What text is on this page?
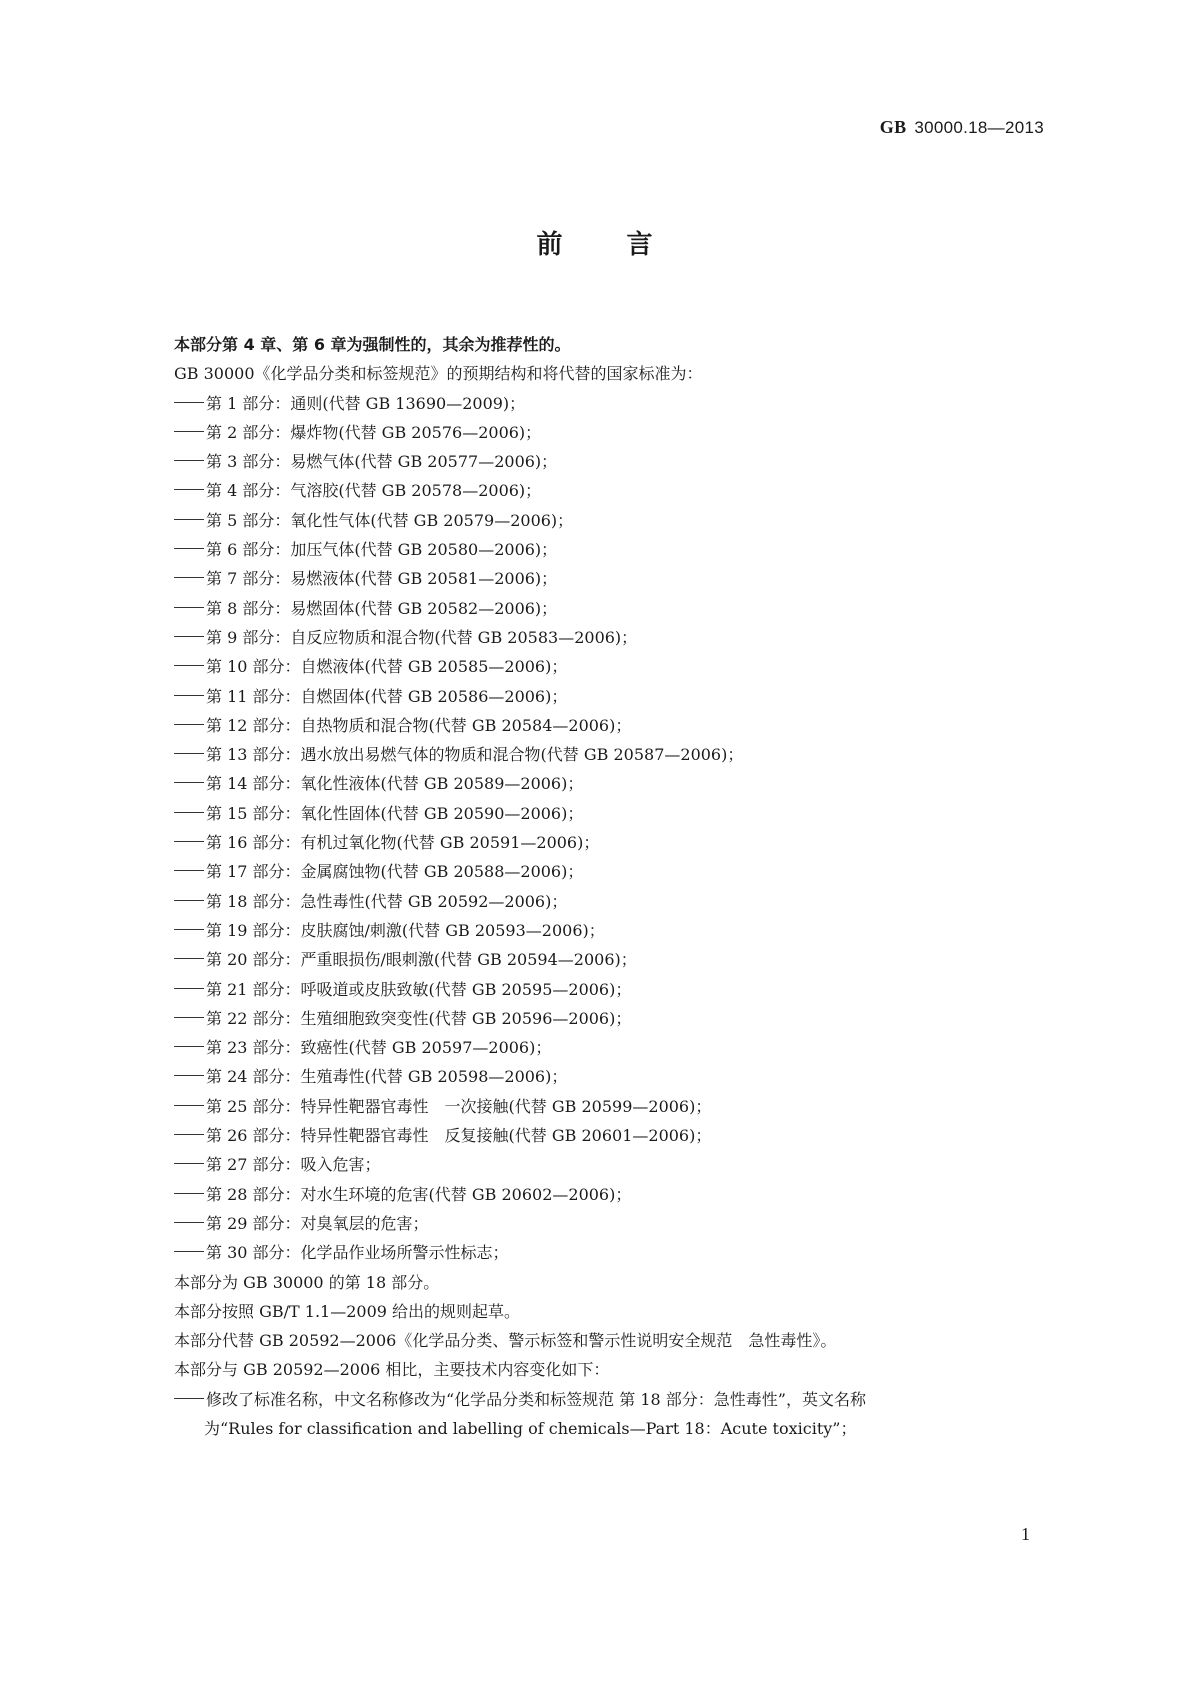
GB 30000.18—2013
前 言
本部分第 4 章、第 6 章为强制性的，其余为推荐性的。
GB 30000《化学品分类和标签规范》的预期结构和将代替的国家标准为：
第 1 部分：通则(代替 GB 13690—2009)；
第 2 部分：爆炸物(代替 GB 20576—2006)；
第 3 部分：易燃气体(代替 GB 20577—2006)；
第 4 部分：气溶胶(代替 GB 20578—2006)；
第 5 部分：氧化性气体(代替 GB 20579—2006)；
第 6 部分：加压气体(代替 GB 20580—2006)；
第 7 部分：易燃液体(代替 GB 20581—2006)；
第 8 部分：易燃固体(代替 GB 20582—2006)；
第 9 部分：自反应物质和混合物(代替 GB 20583—2006)；
第 10 部分：自燃液体(代替 GB 20585—2006)；
第 11 部分：自燃固体(代替 GB 20586—2006)；
第 12 部分：自热物质和混合物(代替 GB 20584—2006)；
第 13 部分：遇水放出易燃气体的物质和混合物(代替 GB 20587—2006)；
第 14 部分：氧化性液体(代替 GB 20589—2006)；
第 15 部分：氧化性固体(代替 GB 20590—2006)；
第 16 部分：有机过氧化物(代替 GB 20591—2006)；
第 17 部分：金属腐蚀物(代替 GB 20588—2006)；
第 18 部分：急性毒性(代替 GB 20592—2006)；
第 19 部分：皮肤腐蚀/刺激(代替 GB 20593—2006)；
第 20 部分：严重眼损伤/眼刺激(代替 GB 20594—2006)；
第 21 部分：呼吸道或皮肤致敏(代替 GB 20595—2006)；
第 22 部分：生殖细胞致突变性(代替 GB 20596—2006)；
第 23 部分：致癌性(代替 GB 20597—2006)；
第 24 部分：生殖毒性(代替 GB 20598—2006)；
第 25 部分：特异性靶器官毒性　一次接触(代替 GB 20599—2006)；
第 26 部分：特异性靶器官毒性　反复接触(代替 GB 20601—2006)；
第 27 部分：吸入危害；
第 28 部分：对水生环境的危害(代替 GB 20602—2006)；
第 29 部分：对臭氧层的危害；
第 30 部分：化学品作业场所警示性标志；
本部分为 GB 30000 的第 18 部分。
本部分按照 GB/T 1.1—2009 给出的规则起草。
本部分代替 GB 20592—2006《化学品分类、警示标签和警示性说明安全规范　急性毒性》。
本部分与 GB 20592—2006 相比，主要技术内容变化如下：
修改了标准名称，中文名称修改为“化学品分类和标签规范 第 18 部分：急性毒性”，英文名称
为“Rules for classification and labelling of chemicals—Part 18：Acute toxicity”；
1
